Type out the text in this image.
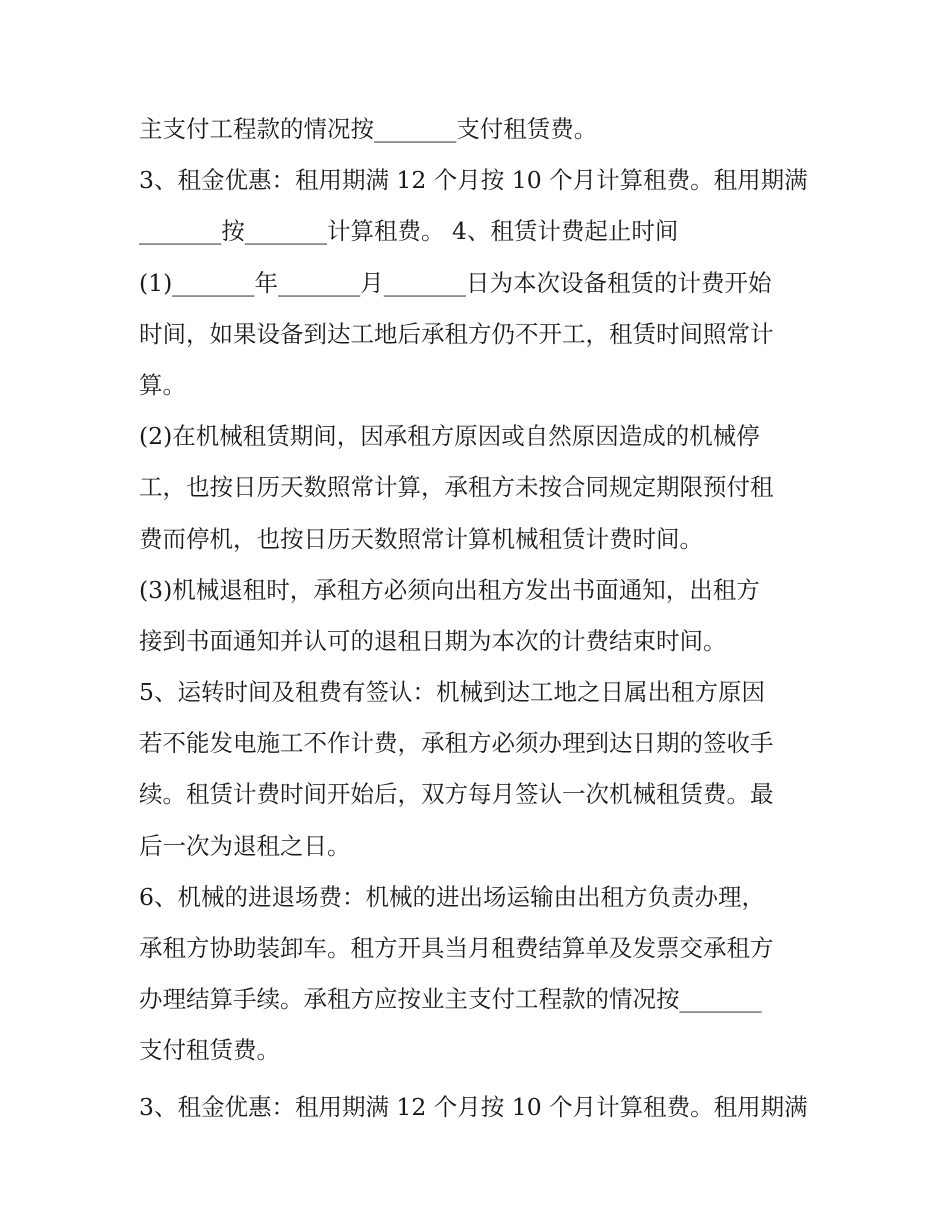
主支付工程款的情况按_______支付租赁费。
3、租金优惠：租用期满 12 个月按 10 个月计算租费。租用期满
_______按_______计算租费。 4、租赁计费起止时间
(1)_______年_______月_______日为本次设备租赁的计费开始
时间，如果设备到达工地后承租方仍不开工，租赁时间照常计
算。
(2)在机械租赁期间，因承租方原因或自然原因造成的机械停
工，也按日历天数照常计算，承租方未按合同规定期限预付租
费而停机，也按日历天数照常计算机械租赁计费时间。
(3)机械退租时，承租方必须向出租方发出书面通知，出租方
接到书面通知并认可的退租日期为本次的计费结束时间。
5、运转时间及租费有签认：机械到达工地之日属出租方原因
若不能发电施工不作计费，承租方必须办理到达日期的签收手
续。租赁计费时间开始后，双方每月签认一次机械租赁费。最
后一次为退租之日。
6、机械的进退场费：机械的进出场运输由出租方负责办理，
承租方协助装卸车。租方开具当月租费结算单及发票交承租方
办理结算手续。承租方应按业主支付工程款的情况按_______
支付租赁费。
3、租金优惠：租用期满 12 个月按 10 个月计算租费。租用期满
